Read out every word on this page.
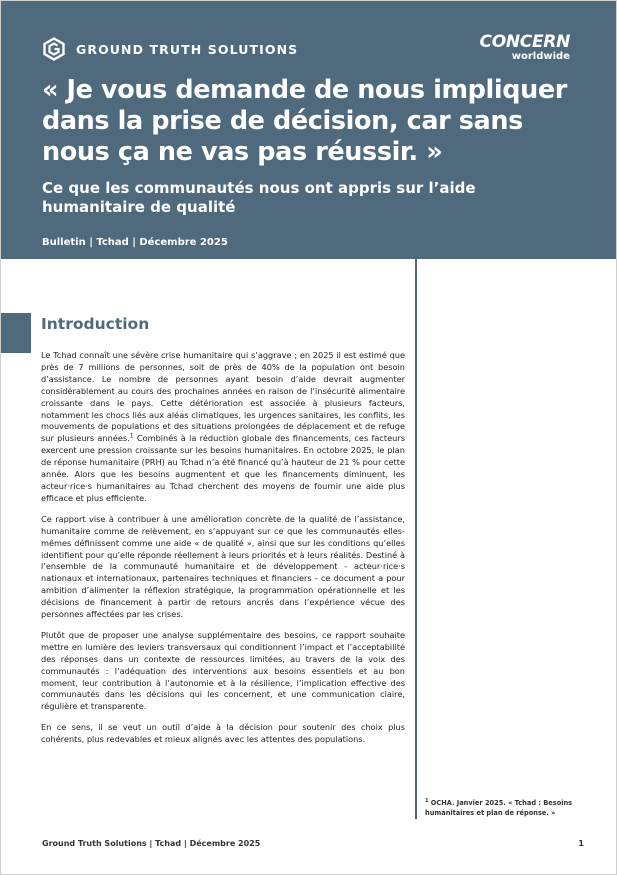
GROUND TRUTH SOLUTIONS	CONCERN
worldwide
« Je vous demande de nous impliquer dans la prise de décision, car sans nous ça ne vas pas réussir. »
Ce que les communautés nous ont appris sur l’aide humanitaire de qualité
Bulletin | Tchad | Décembre 2025
Introduction

Le Tchad connaît une sévère crise humanitaire qui s’aggrave ; en 2025 il est estimé que près de 7 millions de personnes, soit de près de 40% de la population ont besoin d’assistance. Le nombre de personnes ayant besoin d’aide devrait augmenter considérablement au cours des prochaines années en raison de l’insécurité alimentaire croissante dans le pays. Cette détérioration est associée à plusieurs facteurs, notamment les chocs liés aux aléas climatiques, les urgences sanitaires, les conflits, les mouvements de populations et des situations prolongées de déplacement et de refuge sur plusieurs années.$^1$ Combinés à la réduction globale des financements, ces facteurs exercent une pression croissante sur les besoins humanitaires. En octobre 2025, le plan de réponse humanitaire (PRH) au Tchad n’a été financé qu’à hauteur de 21 % pour cette année. Alors que les besoins augmentent et que les financements diminuent, les acteur·rice·s humanitaires au Tchad cherchent des moyens de fournir une aide plus efficace et plus efficiente.

Ce rapport vise à contribuer à une amélioration concrète de la qualité de l’assistance, humanitaire comme de relèvement, en s’appuyant sur ce que les communautés elles-mêmes définissent comme une aide « de qualité », ainsi que sur les conditions qu’elles identifient pour qu’elle réponde réellement à leurs priorités et à leurs réalités. Destiné à l’ensemble de la communauté humanitaire et de développement - acteur·rice·s nationaux et internationaux, partenaires techniques et financiers - ce document a pour ambition d’alimenter la réflexion stratégique, la programmation opérationnelle et les décisions de financement à partir de retours ancrés dans l’expérience vécue des personnes affectées par les crises.

Plutôt que de proposer une analyse supplémentaire des besoins, ce rapport souhaite mettre en lumière des leviers transversaux qui conditionnent l’impact et l’acceptabilité des réponses dans un contexte de ressources limitées, au travers de la voix des communautés : l’adéquation des interventions aux besoins essentiels et au bon moment, leur contribution à l’autonomie et à la résilience, l’implication effective des communautés dans les décisions qui les concernent, et une communication claire, régulière et transparente.

En ce sens, il se veut un outil d’aide à la décision pour soutenir des choix plus cohérents, plus redevables et mieux alignés avec les attentes des populations.

$^1$ OCHA. Janvier 2025. « Tchad : Besoins humanitaires et plan de réponse. »
Ground Truth Solutions | Tchad | Décembre 2025	1
